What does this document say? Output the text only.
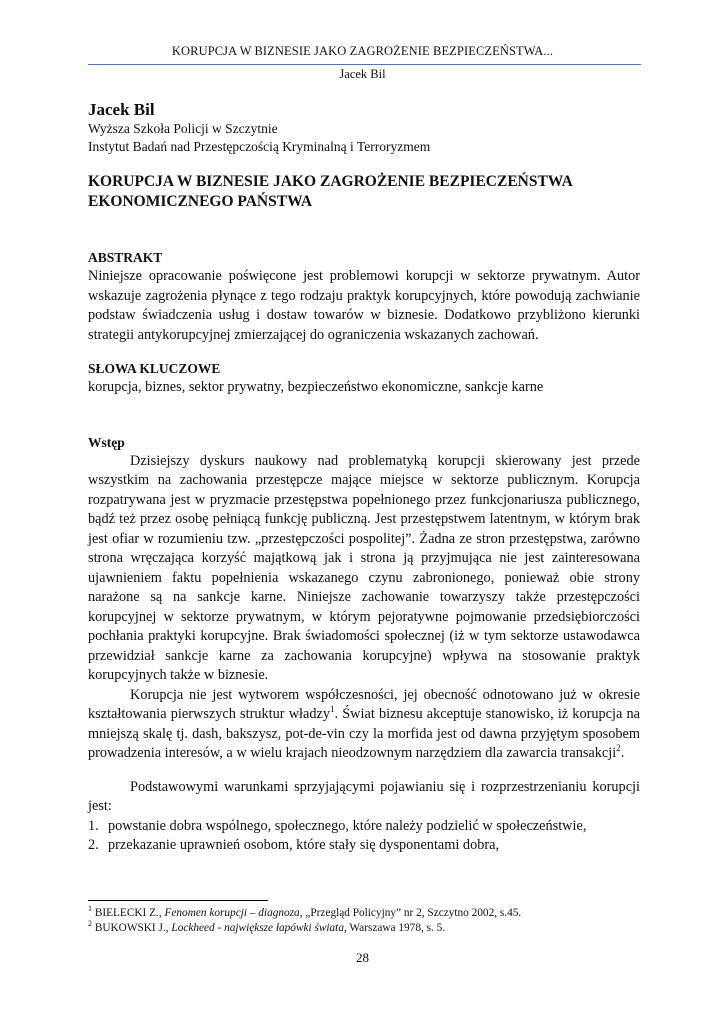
KORUPCJA W BIZNESIE JAKO ZAGROŻENIE BEZPIECZEŃSTWA...
Jacek Bil
Jacek Bil
Wyższa Szkoła Policji w Szczytnie
Instytut Badań nad Przestępczością Kryminalną i Terroryzmem
KORUPCJA W BIZNESIE JAKO ZAGROŻENIE BEZPIECZEŃSTWA EKONOMICZNEGO PAŃSTWA
ABSTRAKT
Niniejsze opracowanie poświęcone jest problemowi korupcji w sektorze prywatnym. Autor wskazuje zagrożenia płynące z tego rodzaju praktyk korupcyjnych, które powodują zachwianie podstaw świadczenia usług i dostaw towarów w biznesie. Dodatkowo przybliżono kierunki strategii antykorupcyjnej zmierzającej do ograniczenia wskazanych zachowań.
SŁOWA KLUCZOWE
korupcja, biznes, sektor prywatny, bezpieczeństwo ekonomiczne, sankcje karne
Wstęp
Dzisiejszy dyskurs naukowy nad problematyką korupcji skierowany jest przede wszystkim na zachowania przestępcze mające miejsce w sektorze publicznym. Korupcja rozpatrywana jest w pryzmacie przestępstwa popełnionego przez funkcjonariusza publicznego, bądź też przez osobę pełniącą funkcję publiczną. Jest przestępstwem latentnym, w którym brak jest ofiar w rozumieniu tzw. „przestępczości pospolitej”. Żadna ze stron przestępstwa, zarówno strona wręczająca korzyść majątkową jak i strona ją przyjmująca nie jest zainteresowana ujawnieniem faktu popełnienia wskazanego czynu zabronionego, ponieważ obie strony narażone są na sankcje karne. Niniejsze zachowanie towarzyszy także przestępczości korupcyjnej w sektorze prywatnym, w którym pejoratywne pojmowanie przedsiębiorczości pochłania praktyki korupcyjne. Brak świadomości społecznej (iż w tym sektorze ustawodawca przewidział sankcje karne za zachowania korupcyjne) wpływa na stosowanie praktyk korupcyjnych także w biznesie.
Korupcja nie jest wytworem współczesności, jej obecność odnotowano już w okresie kształtowania pierwszych struktur władzy$^1$. Świat biznesu akceptuje stanowisko, iż korupcja na mniejszą skalę tj. dash, bakszysz, pot-de-vin czy la morfida jest od dawna przyjętym sposobem prowadzenia interesów, a w wielu krajach nieodzownym narzędziem dla zawarcia transakcji$^2$.
Podstawowymi warunkami sprzyjającymi pojawianiu się i rozprzestrzenianiu korupcji jest:
1. powstanie dobra wspólnego, społecznego, które należy podzielić w społeczeństwie,
2. przekazanie uprawnień osobom, które stały się dysponentami dobra,
$^1$ BIELECKI Z., Fenomen korupcji – diagnoza, „Przegląd Policyjny” nr 2, Szczytno 2002, s.45.
$^2$ BUKOWSKI J., Lockheed - największe łapówki świata, Warszawa 1978, s. 5.
28
